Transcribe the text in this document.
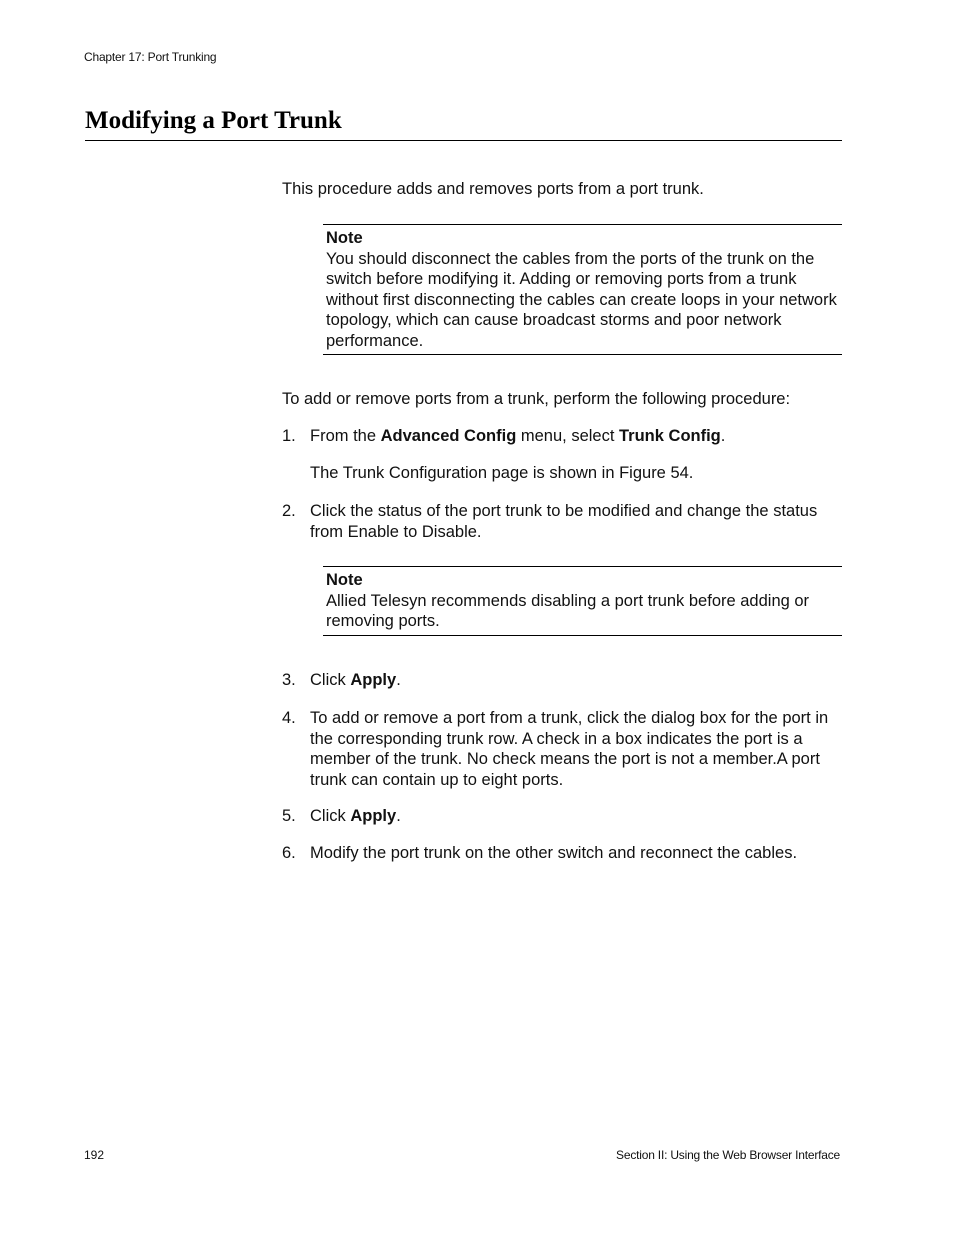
Chapter 17: Port Trunking
Modifying a Port Trunk

This procedure adds and removes ports from a port trunk.

Note
You should disconnect the cables from the ports of the trunk on the switch before modifying it. Adding or removing ports from a trunk without first disconnecting the cables can create loops in your network topology, which can cause broadcast storms and poor network performance.

To add or remove ports from a trunk, perform the following procedure:

1. From the Advanced Config menu, select Trunk Config.
The Trunk Configuration page is shown in Figure 54.
2. Click the status of the port trunk to be modified and change the status from Enable to Disable.
Note
Allied Telesyn recommends disabling a port trunk before adding or removing ports.
3. Click Apply.
4. To add or remove a port from a trunk, click the dialog box for the port in the corresponding trunk row. A check in a box indicates the port is a member of the trunk. No check means the port is not a member.A port trunk can contain up to eight ports.
5. Click Apply.
6. Modify the port trunk on the other switch and reconnect the cables.
192	Section II: Using the Web Browser Interface
